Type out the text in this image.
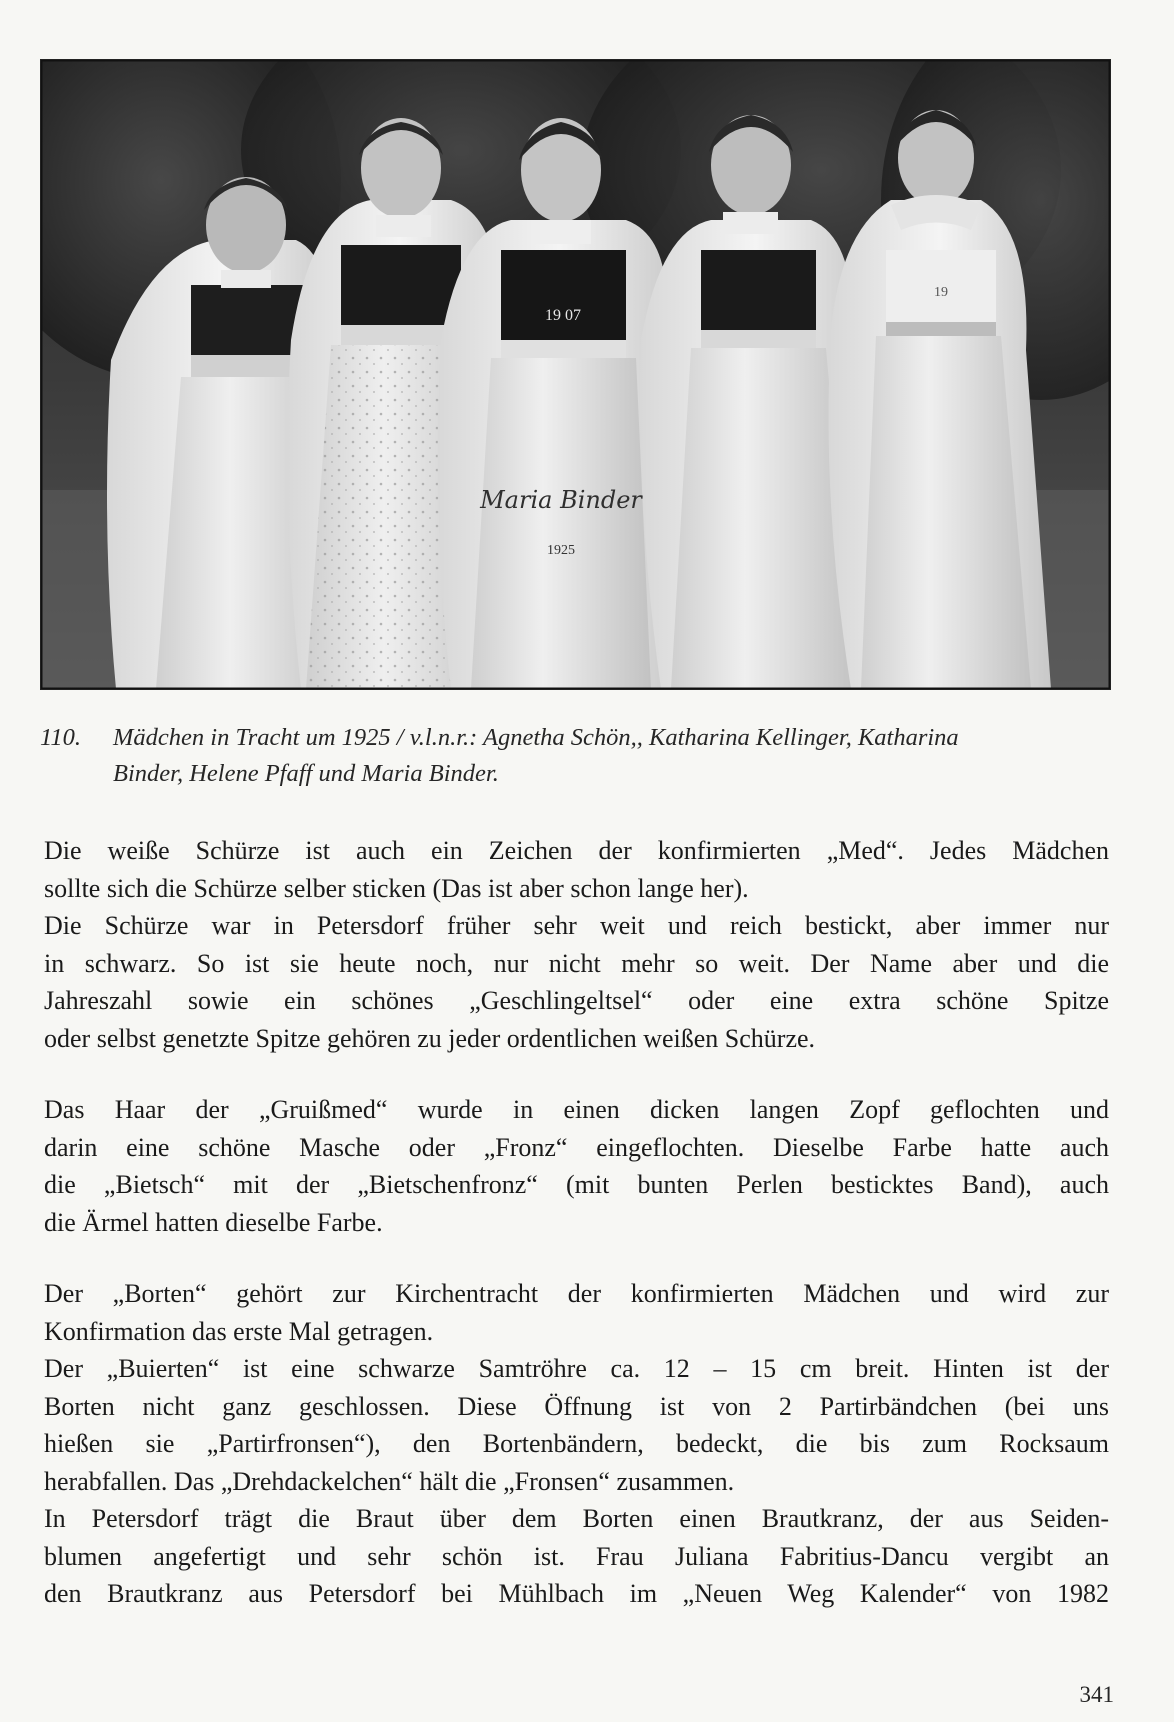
19 07
Maria Binder
1925
19
110. Mädchen in Tracht um 1925 / v.l.n.r.: Agnetha Schön,, Katharina Kellinger, Katharina
Binder, Helene Pfaff und Maria Binder.

Die weiße Schürze ist auch ein Zeichen der konfirmierten „Med“. Jedes Mädchen
sollte sich die Schürze selber sticken (Das ist aber schon lange her).
Die Schürze war in Petersdorf früher sehr weit und reich bestickt, aber immer nur
in schwarz. So ist sie heute noch, nur nicht mehr so weit. Der Name aber und die
Jahreszahl sowie ein schönes „Geschlingeltsel“ oder eine extra schöne Spitze
oder selbst genetzte Spitze gehören zu jeder ordentlichen weißen Schürze.

Das Haar der „Gruißmed“ wurde in einen dicken langen Zopf geflochten und
darin eine schöne Masche oder „Fronz“ eingeflochten. Dieselbe Farbe hatte auch
die „Bietsch“ mit der „Bietschenfronz“ (mit bunten Perlen besticktes Band), auch
die Ärmel hatten dieselbe Farbe.

Der „Borten“ gehört zur Kirchentracht der konfirmierten Mädchen und wird zur
Konfirmation das erste Mal getragen.
Der „Buierten“ ist eine schwarze Samtröhre ca. 12 – 15 cm breit. Hinten ist der
Borten nicht ganz geschlossen. Diese Öffnung ist von 2 Partirbändchen (bei uns
hießen sie „Partirfronsen“), den Bortenbändern, bedeckt, die bis zum Rocksaum
herabfallen. Das „Drehdackelchen“ hält die „Fronsen“ zusammen.
In Petersdorf trägt die Braut über dem Borten einen Brautkranz, der aus Seiden-
blumen angefertigt und sehr schön ist. Frau Juliana Fabritius-Dancu vergibt an
den Brautkranz aus Petersdorf bei Mühlbach im „Neuen Weg Kalender“ von 1982

341
